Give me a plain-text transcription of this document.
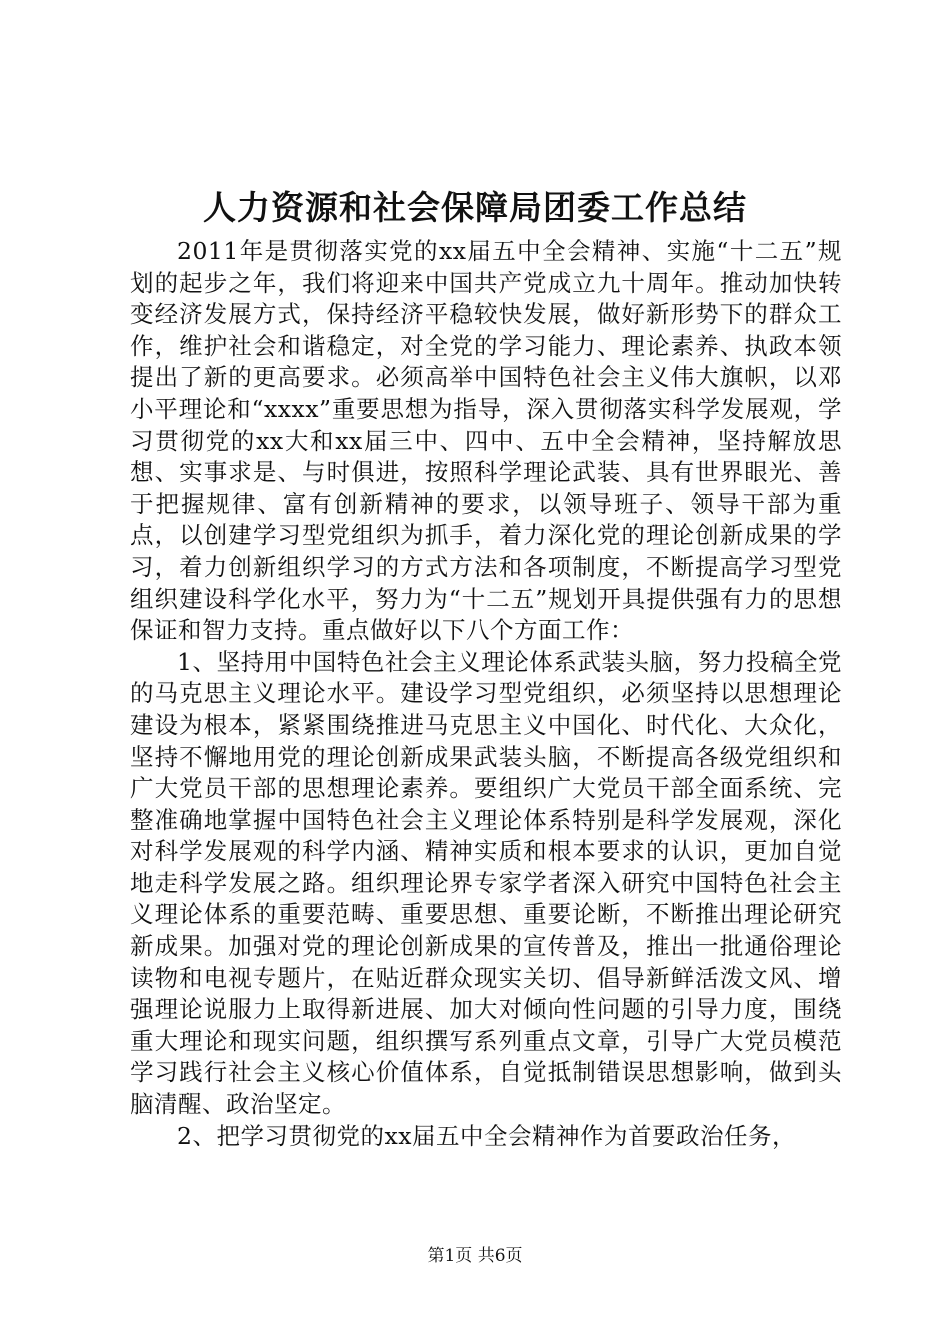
人力资源和社会保障局团委工作总结

2011年是贯彻落实党的xx届五中全会精神、实施“十二五”规划的起步之年，我们将迎来中国共产党成立九十周年。推动加快转变经济发展方式，保持经济平稳较快发展，做好新形势下的群众工作，维护社会和谐稳定，对全党的学习能力、理论素养、执政本领提出了新的更高要求。必须高举中国特色社会主义伟大旗帜，以邓小平理论和“xxxx”重要思想为指导，深入贯彻落实科学发展观，学习贯彻党的xx大和xx届三中、四中、五中全会精神，坚持解放思想、实事求是、与时俱进，按照科学理论武装、具有世界眼光、善于把握规律、富有创新精神的要求，以领导班子、领导干部为重点，以创建学习型党组织为抓手，着力深化党的理论创新成果的学习，着力创新组织学习的方式方法和各项制度，不断提高学习型党组织建设科学化水平，努力为“十二五”规划开具提供强有力的思想保证和智力支持。重点做好以下八个方面工作：

1、坚持用中国特色社会主义理论体系武装头脑，努力投稿全党的马克思主义理论水平。建设学习型党组织，必须坚持以思想理论建设为根本，紧紧围绕推进马克思主义中国化、时代化、大众化，坚持不懈地用党的理论创新成果武装头脑，不断提高各级党组织和广大党员干部的思想理论素养。要组织广大党员干部全面系统、完整准确地掌握中国特色社会主义理论体系特别是科学发展观，深化对科学发展观的科学内涵、精神实质和根本要求的认识，更加自觉地走科学发展之路。组织理论界专家学者深入研究中国特色社会主义理论体系的重要范畴、重要思想、重要论断，不断推出理论研究新成果。加强对党的理论创新成果的宣传普及，推出一批通俗理论读物和电视专题片，在贴近群众现实关切、倡导新鲜活泼文风、增强理论说服力上取得新进展、加大对倾向性问题的引导力度，围绕重大理论和现实问题，组织撰写系列重点文章，引导广大党员模范学习践行社会主义核心价值体系，自觉抵制错误思想影响，做到头脑清醒、政治坚定。

2、把学习贯彻党的xx届五中全会精神作为首要政治任务，

第1页 共6页
